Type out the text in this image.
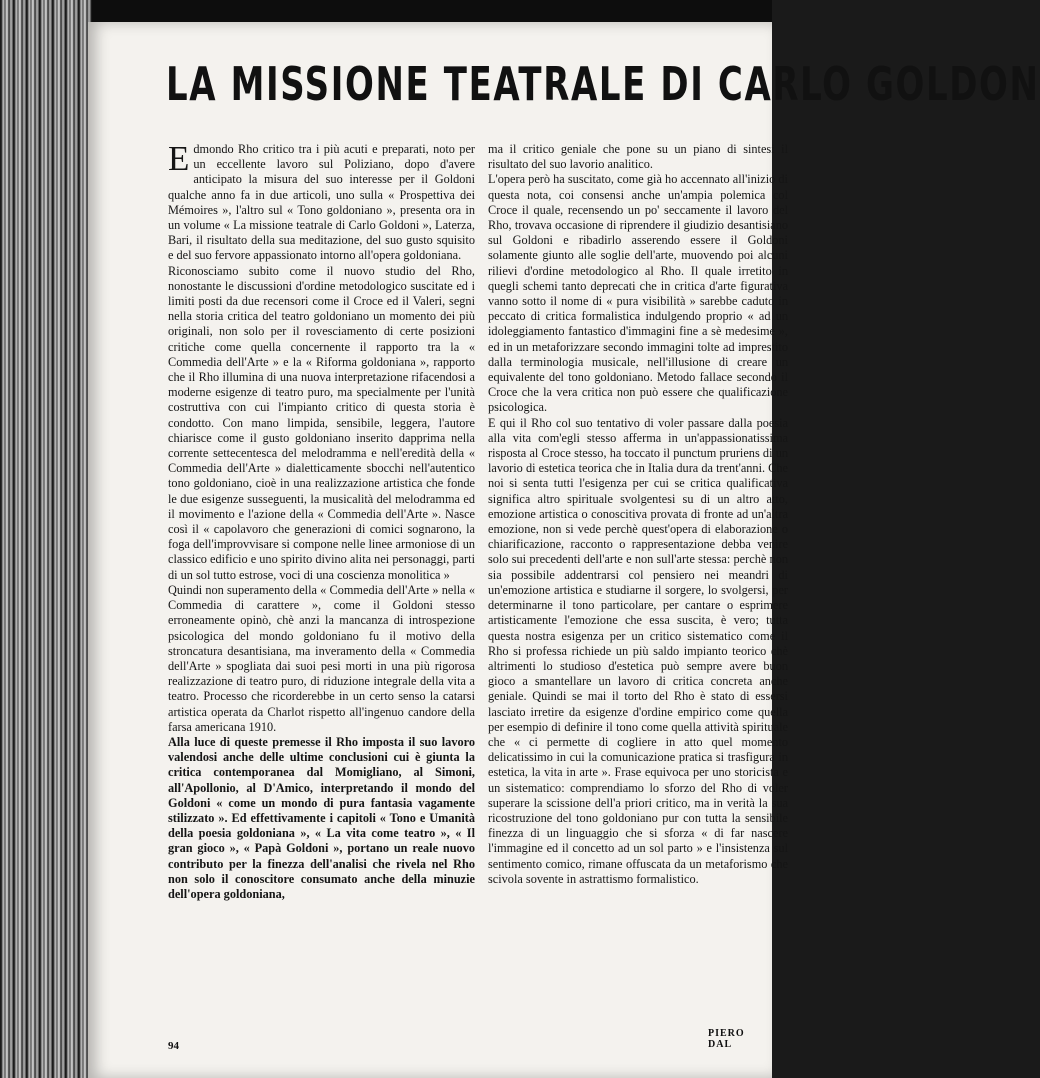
LA MISSIONE TEATRALE DI CARLO GOLDON

Edmondo Rho critico tra i più acuti e preparati, noto per un eccellente lavoro sul Poliziano, dopo d'avere anticipato la misura del suo interesse per il Goldoni qualche anno fa in due articoli, uno sulla « Prospettiva dei Mémoires », l'altro sul « Tono goldoniano », presenta ora in un volume « La missione teatrale di Carlo Goldoni », Laterza, Bari, il risultato della sua meditazione, del suo gusto squisito e del suo fervore appassionato intorno all'opera goldoniana.

Riconosciamo subito come il nuovo studio del Rho, nonostante le discussioni d'ordine metodologico suscitate ed i limiti posti da due recensori come il Croce ed il Valeri, segni nella storia critica del teatro goldoniano un momento dei più originali, non solo per il rovesciamento di certe posizioni critiche come quella concernente il rapporto tra la « Commedia dell'Arte » e la « Riforma goldoniana », rapporto che il Rho illumina di una nuova interpretazione rifacendosi a moderne esigenze di teatro puro, ma specialmente per l'unità costruttiva con cui l'impianto critico di questa storia è condotto. Con mano limpida, sensibile, leggera, l'autore chiarisce come il gusto goldoniano inserito dapprima nella corrente settecentesca del melodramma e nell'eredità della « Commedia dell'Arte » dialetticamente sbocchi nell'autentico tono goldoniano, cioè in una realizzazione artistica che fonde le due esigenze susseguenti, la musicalità del melodramma ed il movimento e l'azione della « Commedia dell'Arte ». Nasce così il « capolavoro che generazioni di comici sognarono, la foga dell'improvvisare si compone nelle linee armoniose di un classico edificio e uno spirito divino alita nei personaggi, parti di un sol tutto estrose, voci di una coscienza monolitica »

Quindi non superamento della « Commedia dell'Arte » nella « Commedia di carattere », come il Goldoni stesso erroneamente opinò, chè anzi la mancanza di introspezione psicologica del mondo goldoniano fu il motivo della stroncatura desantisiana, ma inveramento della « Commedia dell'Arte » spogliata dai suoi pesi morti in una più rigorosa realizzazione di teatro puro, di riduzione integrale della vita a teatro. Processo che ricorderebbe in un certo senso la catarsi artistica operata da Charlot rispetto all'ingenuo candore della farsa americana 1910.

Alla luce di queste premesse il Rho imposta il suo lavoro valendosi anche delle ultime conclusioni cui è giunta la critica contemporanea dal Momigliano, al Simoni, all'Apollonio, al D'Amico, interpretando il mondo del Goldoni « come un mondo di pura fantasia vagamente stilizzato ». Ed effettivamente i capitoli « Tono e Umanità della poesia goldoniana », « La vita come teatro », « Il gran gioco », « Papà Goldoni », portano un reale nuovo contributo per la finezza dell'analisi che rivela nel Rho non solo il conoscitore consumato anche della minuzie dell'opera goldoniana,

ma il critico geniale che pone su un piano di sintesi il risultato del suo lavorio analitico.

L'opera però ha suscitato, come già ho accennato all'inizio di questa nota, coi consensi anche un'ampia polemica col Croce il quale, recensendo un po' seccamente il lavoro del Rho, trovava occasione di riprendere il giudizio desantisiano sul Goldoni e ribadirlo asserendo essere il Goldoni solamente giunto alle soglie dell'arte, muovendo poi alcuni rilievi d'ordine metodologico al Rho. Il quale irretito in quegli schemi tanto deprecati che in critica d'arte figurativa vanno sotto il nome di « pura visibilità » sarebbe caduto in peccato di critica formalistica indulgendo proprio « ad un idoleggiamento fantastico d'immagini fine a sè medesime », ed in un metaforizzare secondo immagini tolte ad imprestito dalla terminologia musicale, nell'illusione di creare un equivalente del tono goldoniano. Metodo fallace secondo il Croce che la vera critica non può essere che qualificazione psicologica.

E qui il Rho col suo tentativo di voler passare dalla poesia alla vita com'egli stesso afferma in un'appassionatissima risposta al Croce stesso, ha toccato il punctum pruriens di un lavorio di estetica teorica che in Italia dura da trent'anni. Che noi si senta tutti l'esigenza per cui se critica qualificativa significa altro spirituale svolgentesi su di un altro atto, emozione artistica o conoscitiva provata di fronte ad un'altra emozione, non si vede perchè quest'opera di elaborazione o chiarificazione, racconto o rappresentazione debba venire solo sui precedenti dell'arte e non sull'arte stessa: perchè non sia possibile addentrarsi col pensiero nei meandri di un'emozione artistica e studiarne il sorgere, lo svolgersi, per determinarne il tono particolare, per cantare o esprimere artisticamente l'emozione che essa suscita, è vero; tutta questa nostra esigenza per un critico sistematico come il Rho si professa richiede un più saldo impianto teorico chè altrimenti lo studioso d'estetica può sempre avere buon gioco a smantellare un lavoro di critica concreta anche geniale. Quindi se mai il torto del Rho è stato di essersi lasciato irretire da esigenze d'ordine empirico come quella per esempio di definire il tono come quella attività spirituale che « ci permette di cogliere in atto quel momento delicatissimo in cui la comunicazione pratica si trasfigura in estetica, la vita in arte ». Frase equivoca per uno storicista e un sistematico: comprendiamo lo sforzo del Rho di voler superare la scissione dell'a priori critico, ma in verità la sua ricostruzione del tono goldoniano pur con tutta la sensibile finezza di un linguaggio che si sforza « di far nascere l'immagine ed il concetto ad un sol parto » e l'insistenza sul sentimento comico, rimane offuscata da un metaforismo che scivola sovente in astrattismo formalistico.

PIERO DAL
94
